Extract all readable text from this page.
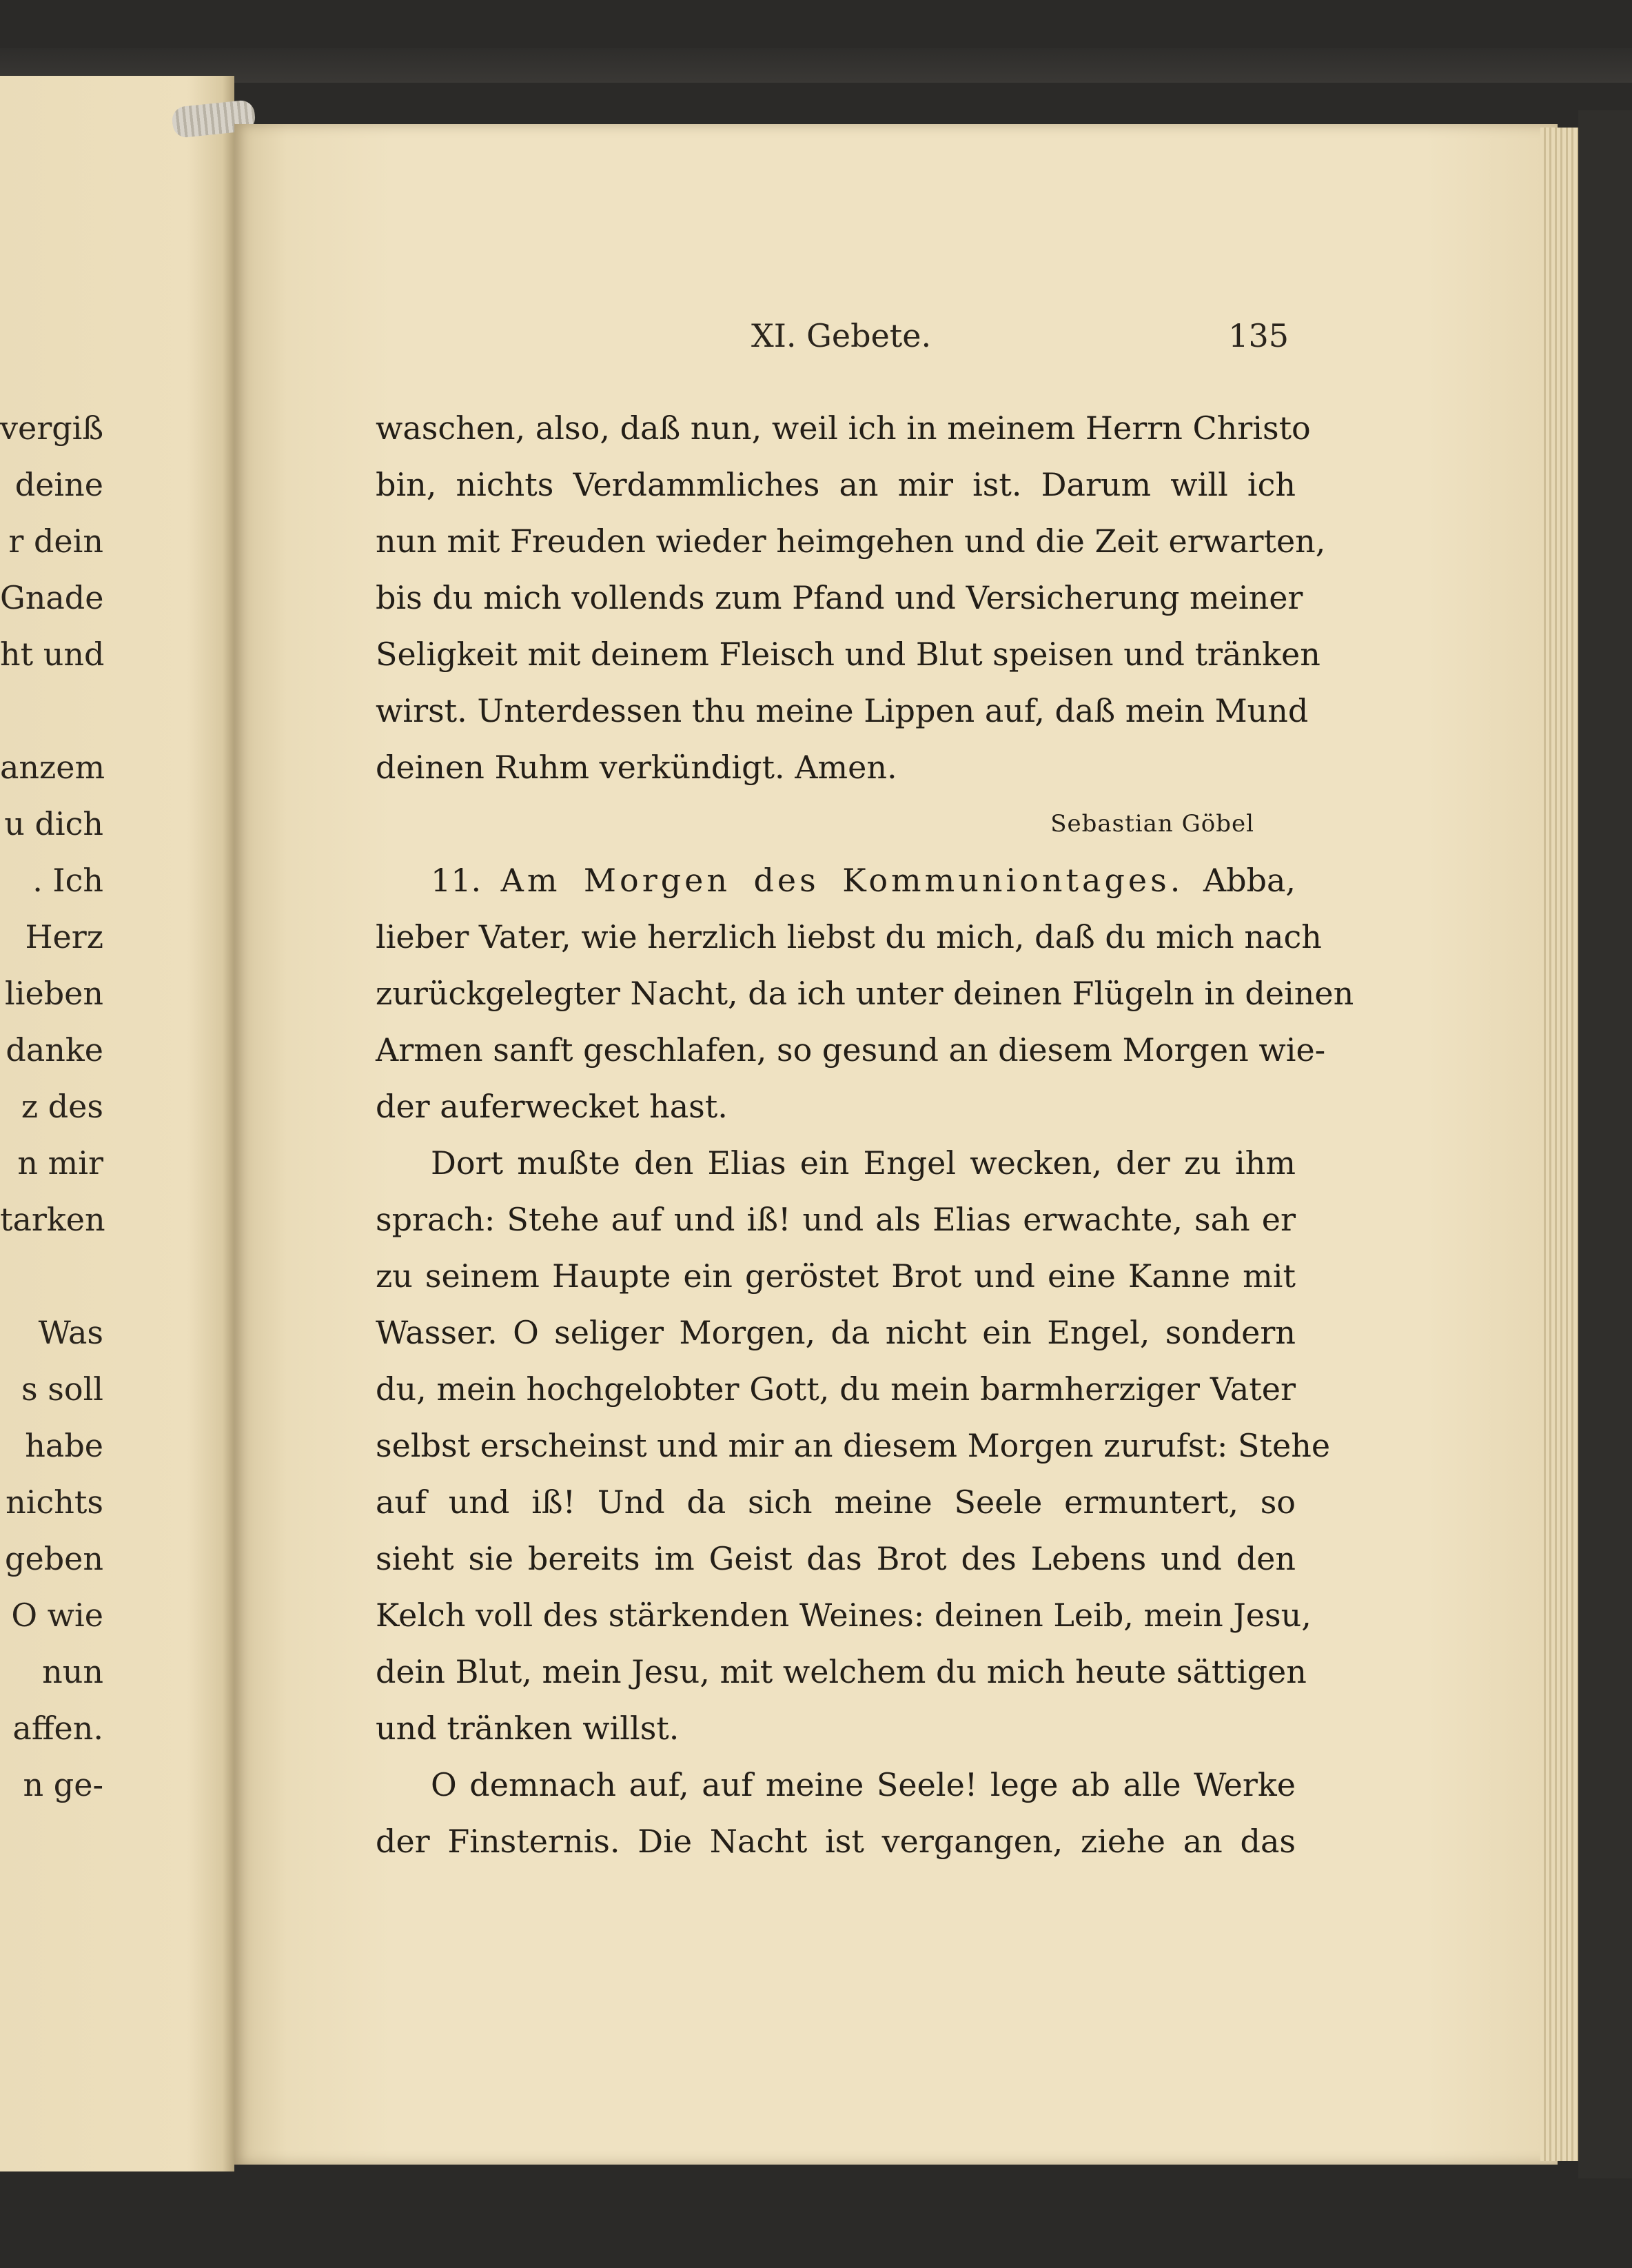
vergiß
deine
r dein
Gnade
ht und
anzem
u dich
. Ich
Herz
lieben
danke
z des
n mir
tarken
Was
s soll
habe
nichts
geben
O wie
nun
affen.
n ge-
XI. Gebete.	135
waschen, also, daß nun, weil ich in meinem Herrn Christo
bin, nichts Verdammliches an mir ist. Darum will ich
nun mit Freuden wieder heimgehen und die Zeit erwarten,
bis du mich vollends zum Pfand und Versicherung meiner
Seligkeit mit deinem Fleisch und Blut speisen und tränken
wirst. Unterdessen thu meine Lippen auf, daß mein Mund
deinen Ruhm verkündigt. Amen.
Sebastian Göbel
11. Am Morgen des Kommuniontages. Abba,
lieber Vater, wie herzlich liebst du mich, daß du mich nach
zurückgelegter Nacht, da ich unter deinen Flügeln in deinen
Armen sanft geschlafen, so gesund an diesem Morgen wie-
der auferwecket hast.
Dort mußte den Elias ein Engel wecken, der zu ihm
sprach: Stehe auf und iß! und als Elias erwachte, sah er
zu seinem Haupte ein geröstet Brot und eine Kanne mit
Wasser. O seliger Morgen, da nicht ein Engel, sondern
du, mein hochgelobter Gott, du mein barmherziger Vater
selbst erscheinst und mir an diesem Morgen zurufst: Stehe
auf und iß! Und da sich meine Seele ermuntert, so
sieht sie bereits im Geist das Brot des Lebens und den
Kelch voll des stärkenden Weines: deinen Leib, mein Jesu,
dein Blut, mein Jesu, mit welchem du mich heute sättigen
und tränken willst.
O demnach auf, auf meine Seele! lege ab alle Werke
der Finsternis. Die Nacht ist vergangen, ziehe an das
